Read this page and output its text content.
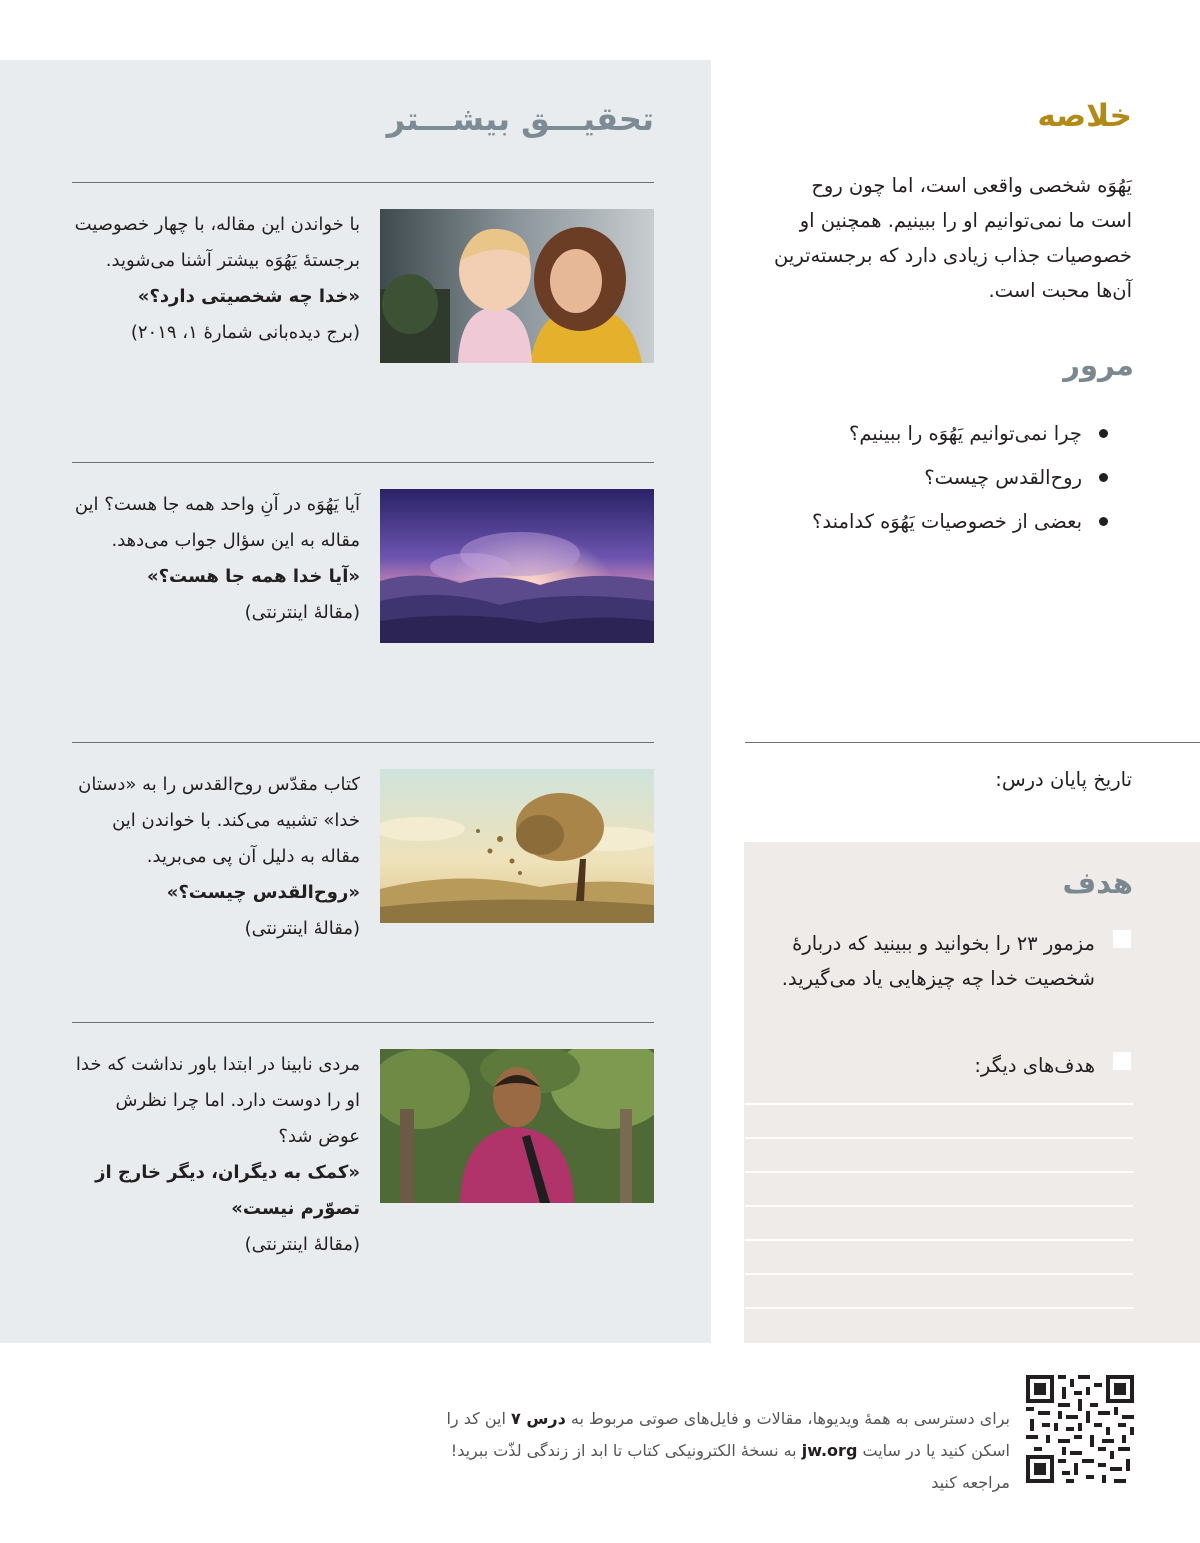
تحقیـــق بیشـــتر
با خواندن این مقاله، با چهار خصوصیت برجستهٔ یَهُوَه بیشتر آشنا می‌شوید.
«خدا چه شخصیتی دارد؟»
(برج دیده‌بانی شمارهٔ ۱، ۲۰۱۹)
آیا یَهُوَه در آنِ واحد همه جا هست؟ این مقاله به این سؤال جواب می‌دهد.
«آیا خدا همه جا هست؟»
(مقالهٔ اینترنتی)
کتاب مقدّس روح‌القدس را به «دستان خدا» تشبیه می‌کند. با خواندن این مقاله به دلیل آن پی می‌برید.
«روح‌القدس چیست؟»
(مقالهٔ اینترنتی)
مردی نابینا در ابتدا باور نداشت که خدا او را دوست دارد. اما چرا نظرش عوض شد؟
«کمک به دیگران، دیگر خارج از تصوّرم نیست»
(مقالهٔ اینترنتی)
خلاصه
یَهُوَه شخصی واقعی است، اما چون روح است ما نمی‌توانیم او را ببینیم. همچنین او خصوصیات جذاب زیادی دارد که برجسته‌ترین آن‌ها محبت است.
مرور
چرا نمی‌توانیم یَهُوَه را ببینیم؟
روح‌القدس چیست؟
بعضی از خصوصیات یَهُوَه کدامند؟
تاریخ پایان درس:
هدف
مزمور ۲۳ را بخوانید و ببینید که دربارهٔ شخصیت خدا چه چیزهایی یاد می‌گیرید.
هدف‌های دیگر:
برای دسترسی به همهٔ ویدیوها، مقالات و فایل‌های صوتی مربوط به درس ۷ این کد را اسکن کنید یا در سایت jw.org به نسخهٔ الکترونیکی کتاب تا ابد از زندگی لذّت ببرید! مراجعه کنید
